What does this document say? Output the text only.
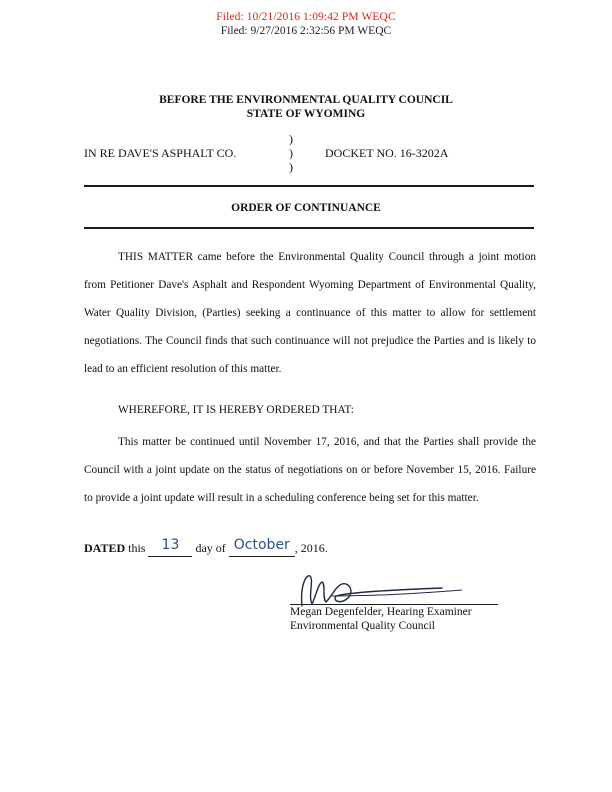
Filed: 10/21/2016 1:09:42 PM WEQC
Filed: 9/27/2016 2:32:56 PM WEQC
BEFORE THE ENVIRONMENTAL QUALITY COUNCIL
STATE OF WYOMING
IN RE DAVE'S ASPHALT CO.
)
)
)
DOCKET NO. 16-3202A
ORDER OF CONTINUANCE

THIS MATTER came before the Environmental Quality Council through a joint motion from Petitioner Dave's Asphalt and Respondent Wyoming Department of Environmental Quality, Water Quality Division, (Parties) seeking a continuance of this matter to allow for settlement negotiations. The Council finds that such continuance will not prejudice the Parties and is likely to lead to an efficient resolution of this matter.

WHEREFORE, IT IS HEREBY ORDERED THAT:

This matter be continued until November 17, 2016, and that the Parties shall provide the Council with a joint update on the status of negotiations on or before November 15, 2016. Failure to provide a joint update will result in a scheduling conference being set for this matter.

DATED this 13 day of October , 2016.
Megan Degenfelder, Hearing Examiner
Environmental Quality Council
